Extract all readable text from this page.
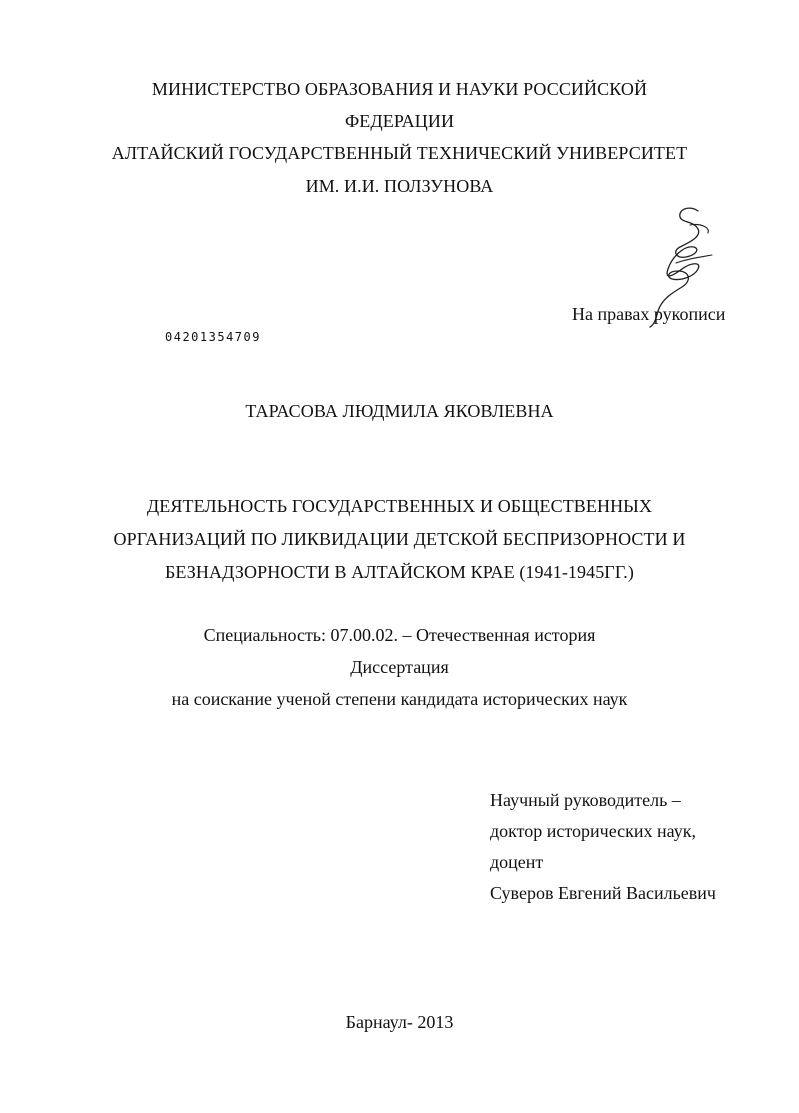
МИНИСТЕРСТВО ОБРАЗОВАНИЯ И НАУКИ РОССИЙСКОЙ
ФЕДЕРАЦИИ
АЛТАЙСКИЙ ГОСУДАРСТВЕННЫЙ ТЕХНИЧЕСКИЙ УНИВЕРСИТЕТ
ИМ. И.И. ПОЛЗУНОВА
На правах рукописи
04201354709
ТАРАСОВА ЛЮДМИЛА ЯКОВЛЕВНА
ДЕЯТЕЛЬНОСТЬ ГОСУДАРСТВЕННЫХ И ОБЩЕСТВЕННЫХ
ОРГАНИЗАЦИЙ ПО ЛИКВИДАЦИИ ДЕТСКОЙ БЕСПРИЗОРНОСТИ И
БЕЗНАДЗОРНОСТИ В АЛТАЙСКОМ КРАЕ (1941-1945ГГ.)
Специальность: 07.00.02. – Отечественная история
Диссертация
на соискание ученой степени кандидата исторических наук
Научный руководитель –
доктор исторических наук,
доцент
Суверов Евгений Васильевич
Барнаул- 2013
